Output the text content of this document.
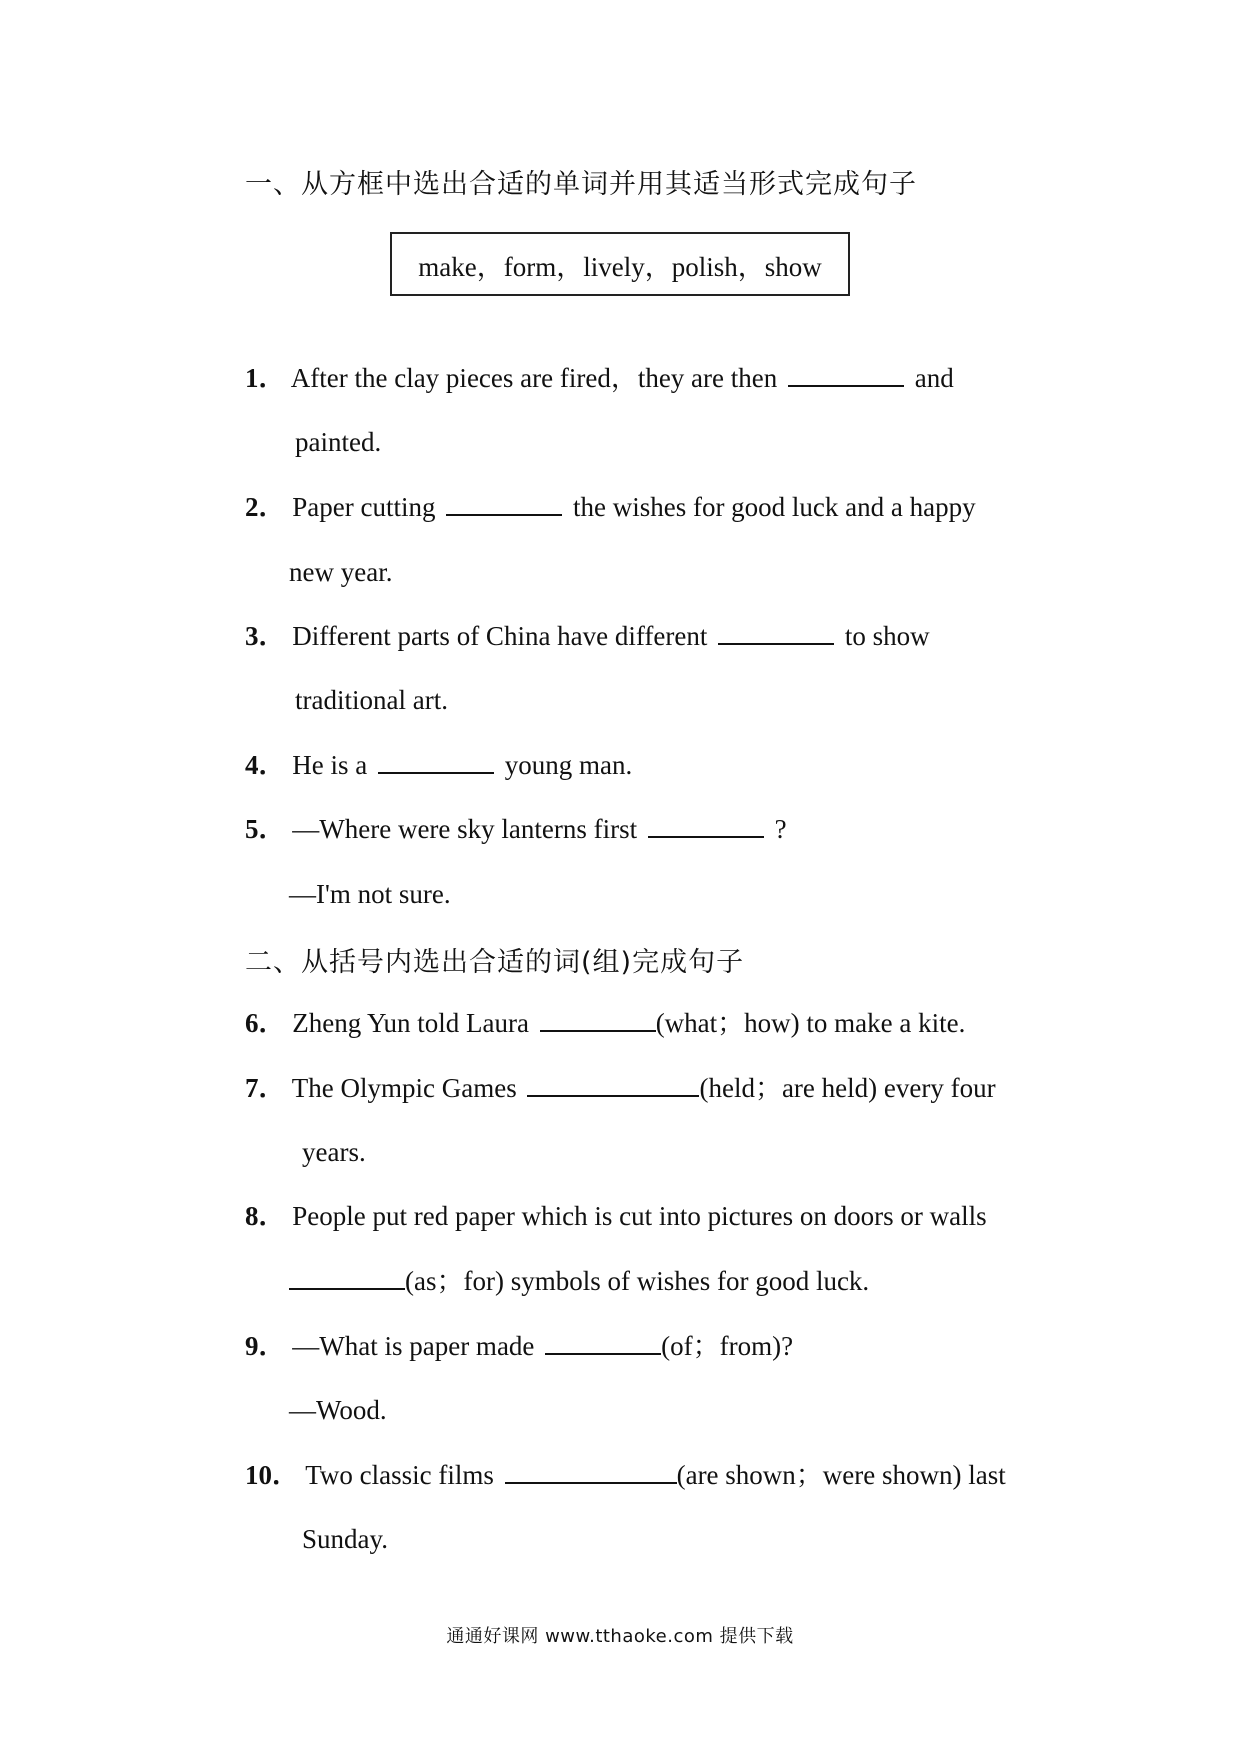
一、从方框中选出合适的单词并用其适当形式完成句子
make，form，lively，polish，show
1． After the clay pieces are fired，they are then	and
painted.
2． Paper cutting	the wishes for good luck and a happy
new year.
3． Different parts of China have different	to show
traditional art.
4． He is a	young man.
5． —Where were sky lanterns first	?
—I'm not sure.
二、从括号内选出合适的词(组)完成句子
6． Zheng Yun told Laura	(what；how) to make a kite.
7． The Olympic Games	(held；are held) every four
years.
8． People put red paper which is cut into pictures on doors or walls
(as；for) symbols of wishes for good luck.
9． —What is paper made	(of；from)?
—Wood.
10． Two classic films	(are shown；were shown) last
Sunday.
通通好课网 www.tthaoke.com 提供下载
